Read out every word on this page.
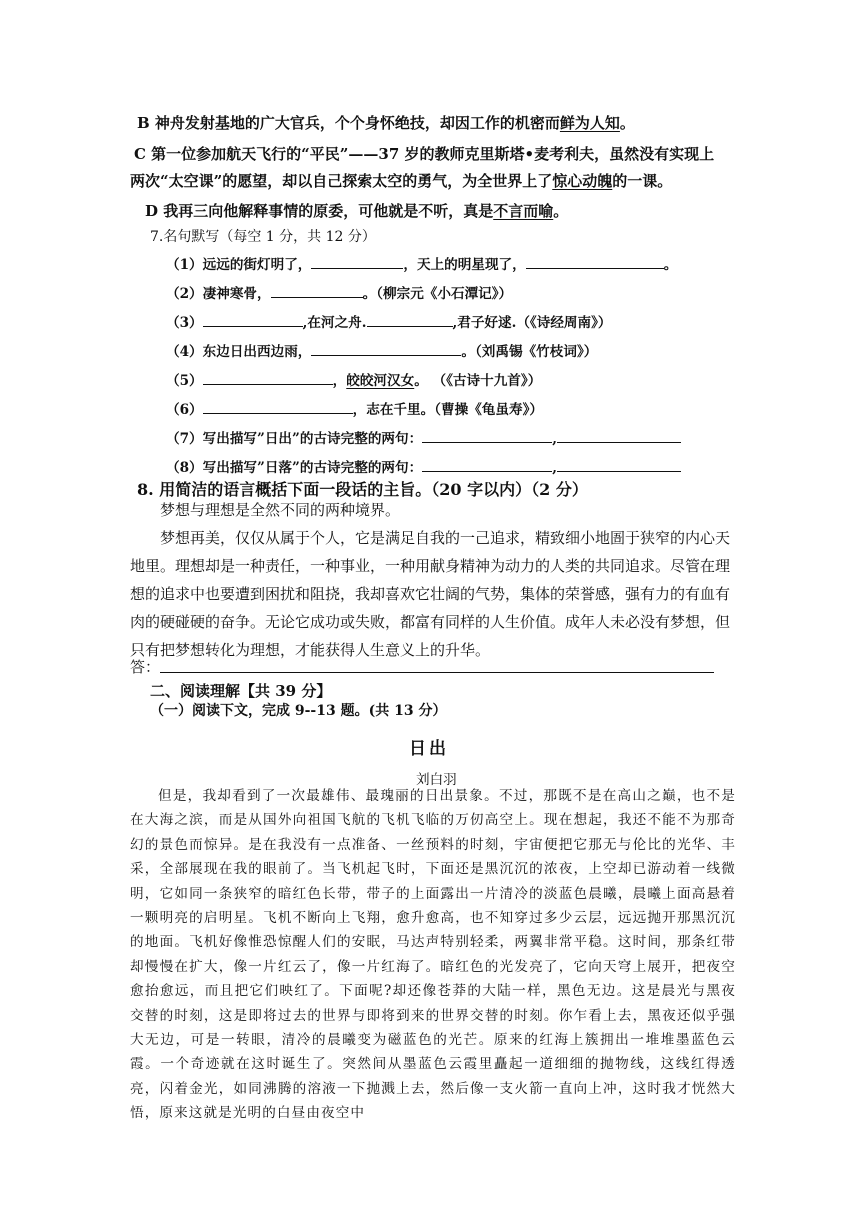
B 神舟发射基地的广大官兵，个个身怀绝技，却因工作的机密而鲜为人知。
C 第一位参加航天飞行的“平民”——37 岁的教师克里斯塔•麦考利夫，虽然没有实现上
两次“太空课”的愿望，却以自己探索太空的勇气，为全世界上了惊心动魄的一课。
D 我再三向他解释事情的原委，可他就是不听，真是不言而喻。
7.名句默写（每空 1 分，共 12 分）
（1）远远的街灯明了，	，天上的明星现了，	。
（2）凄神寒骨，	。（柳宗元《小石潭记》）
（3）	,在河之舟.	,君子好逑.（《诗经周南》）
（4）东边日出西边雨，	。（刘禹锡《竹枝词》）
（5）	，皎皎河汉女。 （《古诗十九首》）
（6）	，志在千里。（曹操《龟虽寿》）
（7）写出描写”日出”的古诗完整的两句：	,
（8）写出描写”日落”的古诗完整的两句：	,
8. 用简洁的语言概括下面一段话的主旨。（20 字以内）（2 分）
梦想与理想是全然不同的两种境界。
梦想再美，仅仅从属于个人，它是满足自我的一己追求，精致细小地圄于狭窄的内心天地里。理想却是一种责任，一种事业，一种用献身精神为动力的人类的共同追求。尽管在理想的追求中也要遭到困扰和阻挠，我却喜欢它壮阔的气势，集体的荣誉感，强有力的有血有肉的硬碰硬的奋争。无论它成功或失败，都富有同样的人生价值。成年人未必没有梦想，但只有把梦想转化为理想，才能获得人生意义上的升华。
答：
二、阅读理解【共 39 分】
（一）阅读下文，完成 9--13 题。(共 13 分）
日出
刘白羽
但是，我却看到了一次最雄伟、最瑰丽的日出景象。不过，那既不是在高山之巅，也不是在大海之滨，而是从国外向祖国飞航的飞机飞临的万仞高空上。现在想起，我还不能不为那奇幻的景色而惊异。是在我没有一点准备、一丝预料的时刻，宇宙便把它那无与伦比的光华、丰采，全部展现在我的眼前了。当飞机起飞时，下面还是黑沉沉的浓夜，上空却已游动着一线微明，它如同一条狭窄的暗红色长带，带子的上面露出一片清冷的淡蓝色晨曦，晨曦上面高悬着一颗明亮的启明星。飞机不断向上飞翔，愈升愈高，也不知穿过多少云层，远远抛开那黑沉沉的地面。飞机好像惟恐惊醒人们的安眠，马达声特别轻柔，两翼非常平稳。这时间，那条红带却慢慢在扩大，像一片红云了，像一片红海了。暗红色的光发亮了，它向天穹上展开，把夜空愈抬愈远，而且把它们映红了。下面呢?却还像苍莽的大陆一样，黑色无边。这是晨光与黑夜交替的时刻，这是即将过去的世界与即将到来的世界交替的时刻。你乍看上去，黑夜还似乎强大无边，可是一转眼，清冷的晨曦变为磁蓝色的光芒。原来的红海上簇拥出一堆堆墨蓝色云霞。一个奇迹就在这时诞生了。突然间从墨蓝色云霞里矗起一道细细的抛物线，这线红得透亮，闪着金光，如同沸腾的溶液一下抛溅上去，然后像一支火箭一直向上冲，这时我才恍然大悟，原来这就是光明的白昼由夜空中
